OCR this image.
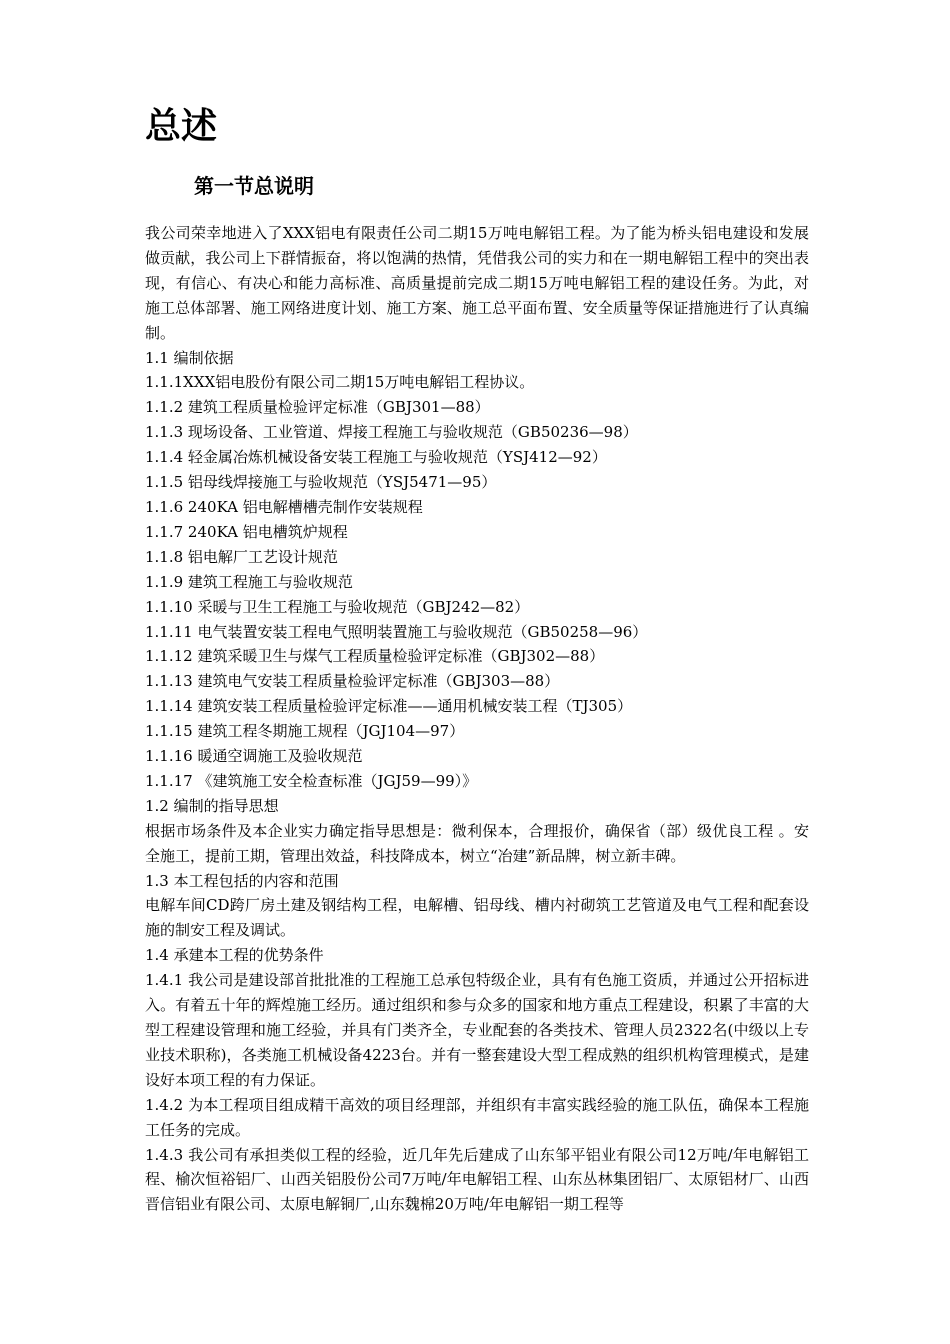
总述
第一节总说明

我公司荣幸地进入了XXX铝电有限责任公司二期15万吨电解铝工程。为了能为桥头铝电建设和发展做贡献，我公司上下群情振奋，将以饱满的热情，凭借我公司的实力和在一期电解铝工程中的突出表现，有信心、有决心和能力高标准、高质量提前完成二期15万吨电解铝工程的建设任务。为此，对施工总体部署、施工网络进度计划、施工方案、施工总平面布置、安全质量等保证措施进行了认真编制。

1.1 编制依据

1.1.1XXX铝电股份有限公司二期15万吨电解铝工程协议。

1.1.2 建筑工程质量检验评定标准（GBJ301—88）

1.1.3 现场设备、工业管道、焊接工程施工与验收规范（GB50236—98）

1.1.4 轻金属冶炼机械设备安装工程施工与验收规范（YSJ412—92）

1.1.5 铝母线焊接施工与验收规范（YSJ5471—95）

1.1.6 240KA 铝电解槽槽壳制作安装规程

1.1.7 240KA 铝电槽筑炉规程

1.1.8 铝电解厂工艺设计规范

1.1.9 建筑工程施工与验收规范

1.1.10 采暖与卫生工程施工与验收规范（GBJ242—82）

1.1.11 电气装置安装工程电气照明装置施工与验收规范（GB50258—96）

1.1.12 建筑采暖卫生与煤气工程质量检验评定标准（GBJ302—88）

1.1.13 建筑电气安装工程质量检验评定标准（GBJ303—88）

1.1.14 建筑安装工程质量检验评定标准——通用机械安装工程（TJ305）

1.1.15 建筑工程冬期施工规程（JGJ104—97）

1.1.16 暖通空调施工及验收规范

1.1.17 《建筑施工安全检查标准（JGJ59—99）》

1.2 编制的指导思想

根据市场条件及本企业实力确定指导思想是：微利保本，合理报价，确保省（部）级优良工程 。安全施工，提前工期，管理出效益，科技降成本，树立“冶建”新品牌，树立新丰碑。

1.3 本工程包括的内容和范围

电解车间CD跨厂房土建及钢结构工程，电解槽、铝母线、槽内衬砌筑工艺管道及电气工程和配套设施的制安工程及调试。

1.4 承建本工程的优势条件

1.4.1 我公司是建设部首批批准的工程施工总承包特级企业，具有有色施工资质，并通过公开招标进入。有着五十年的辉煌施工经历。通过组织和参与众多的国家和地方重点工程建设，积累了丰富的大型工程建设管理和施工经验，并具有门类齐全，专业配套的各类技术、管理人员2322名(中级以上专业技术职称)，各类施工机械设备4223台。并有一整套建设大型工程成熟的组织机构管理模式，是建设好本项工程的有力保证。

1.4.2 为本工程项目组成精干高效的项目经理部，并组织有丰富实践经验的施工队伍，确保本工程施工任务的完成。

1.4.3 我公司有承担类似工程的经验，近几年先后建成了山东邹平铝业有限公司12万吨/年电解铝工程、榆次恒裕铝厂、山西关铝股份公司7万吨/年电解铝工程、山东丛林集团铝厂、太原铝材厂、山西晋信铝业有限公司、太原电解铜厂,山东魏棉20万吨/年电解铝一期工程等
